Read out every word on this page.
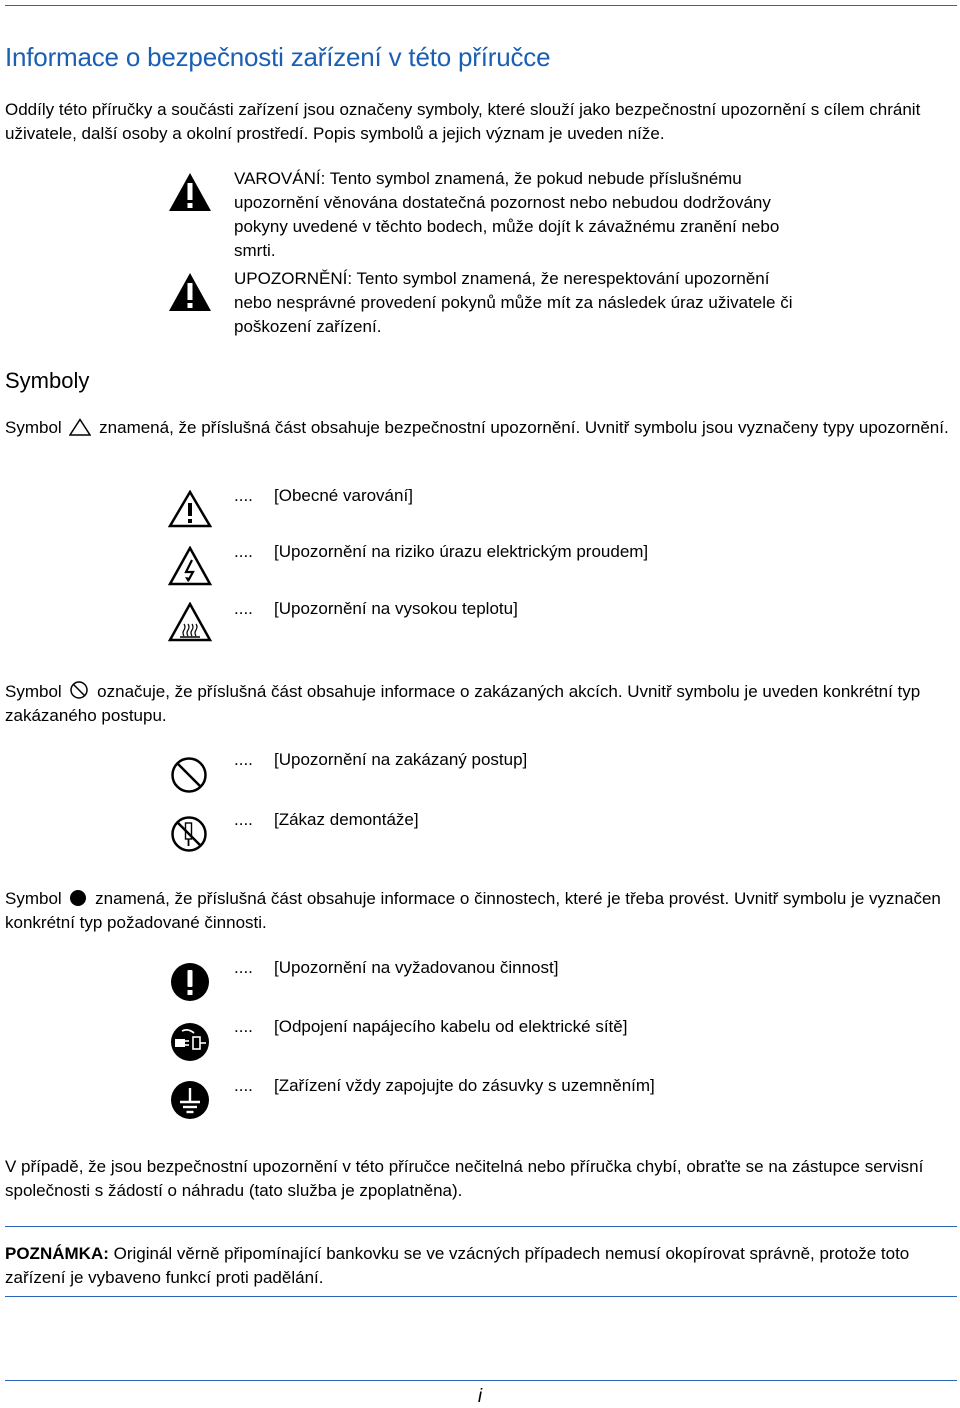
Informace o bezpečnosti zařízení v této příručce

Oddíly této příručky a součásti zařízení jsou označeny symboly, které slouží jako bezpečnostní upozornění s cílem chránit uživatele, další osoby a okolní prostředí. Popis symbolů a jejich význam je uveden níže.

VAROVÁNÍ: Tento symbol znamená, že pokud nebude příslušnému upozornění věnována dostatečná pozornost nebo nebudou dodržovány pokyny uvedené v těchto bodech, může dojít k závažnému zranění nebo smrti.

UPOZORNĚNÍ: Tento symbol znamená, že nerespektování upozornění nebo nesprávné provedení pokynů může mít za následek úraz uživatele či poškození zařízení.

Symboly

Symbol znamená, že příslušná část obsahuje bezpečnostní upozornění. Uvnitř symbolu jsou vyznačeny typy upozornění.

.... [Obecné varování]
.... [Upozornění na riziko úrazu elektrickým proudem]
.... [Upozornění na vysokou teplotu]

Symbol označuje, že příslušná část obsahuje informace o zakázaných akcích. Uvnitř symbolu je uveden konkrétní typ zakázaného postupu.

.... [Upozornění na zakázaný postup]
.... [Zákaz demontáže]

Symbol znamená, že příslušná část obsahuje informace o činnostech, které je třeba provést. Uvnitř symbolu je vyznačen konkrétní typ požadované činnosti.

.... [Upozornění na vyžadovanou činnost]
.... [Odpojení napájecího kabelu od elektrické sítě]
.... [Zařízení vždy zapojujte do zásuvky s uzemněním]

V případě, že jsou bezpečnostní upozornění v této příručce nečitelná nebo příručka chybí, obraťte se na zástupce servisní společnosti s žádostí o náhradu (tato služba je zpoplatněna).

POZNÁMKA: Originál věrně připomínající bankovku se ve vzácných případech nemusí okopírovat správně, protože toto zařízení je vybaveno funkcí proti padělání.

i
